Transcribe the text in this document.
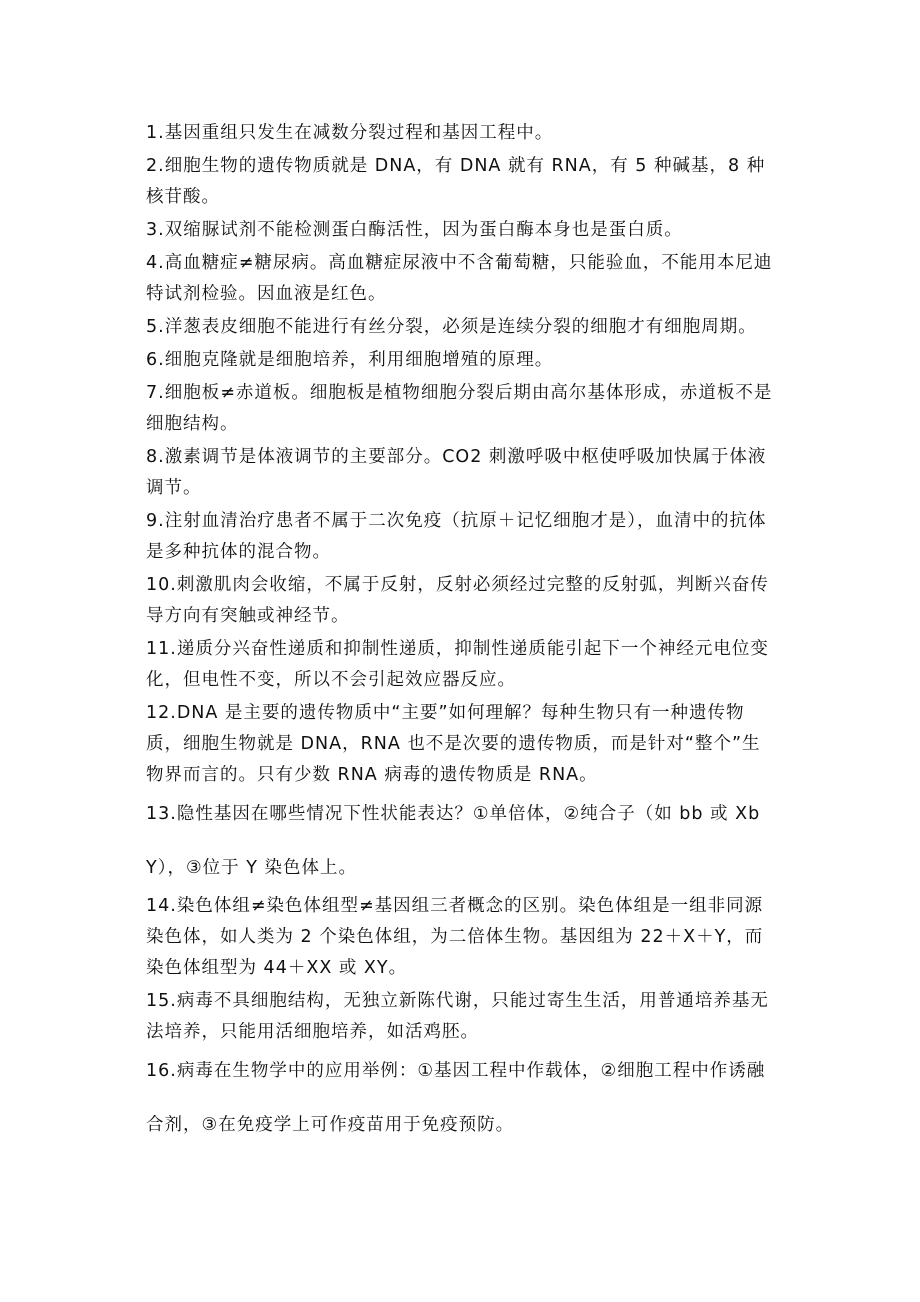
1.基因重组只发生在减数分裂过程和基因工程中。

2.细胞生物的遗传物质就是 DNA，有 DNA 就有 RNA，有 5 种碱基，8 种核苷酸。

3.双缩脲试剂不能检测蛋白酶活性，因为蛋白酶本身也是蛋白质。

4.高血糖症≠糖尿病。高血糖症尿液中不含葡萄糖，只能验血，不能用本尼迪特试剂检验。因血液是红色。

5.洋葱表皮细胞不能进行有丝分裂，必须是连续分裂的细胞才有细胞周期。

6.细胞克隆就是细胞培养，利用细胞增殖的原理。

7.细胞板≠赤道板。细胞板是植物细胞分裂后期由高尔基体形成，赤道板不是细胞结构。

8.激素调节是体液调节的主要部分。CO2 刺激呼吸中枢使呼吸加快属于体液调节。

9.注射血清治疗患者不属于二次免疫（抗原＋记忆细胞才是），血清中的抗体是多种抗体的混合物。

10.刺激肌肉会收缩，不属于反射，反射必须经过完整的反射弧，判断兴奋传导方向有突触或神经节。

11.递质分兴奋性递质和抑制性递质，抑制性递质能引起下一个神经元电位变化，但电性不变，所以不会引起效应器反应。

12.DNA 是主要的遗传物质中“主要”如何理解？每种生物只有一种遗传物质，细胞生物就是 DNA，RNA 也不是次要的遗传物质，而是针对“整个”生物界而言的。只有少数 RNA 病毒的遗传物质是 RNA。

13.隐性基因在哪些情况下性状能表达？①单倍体，②纯合子（如 bb 或 XbY），③位于 Y 染色体上。

14.染色体组≠染色体组型≠基因组三者概念的区别。染色体组是一组非同源染色体，如人类为 2 个染色体组，为二倍体生物。基因组为 22＋X＋Y，而染色体组型为 44＋XX 或 XY。

15.病毒不具细胞结构，无独立新陈代谢，只能过寄生生活，用普通培养基无法培养，只能用活细胞培养，如活鸡胚。

16.病毒在生物学中的应用举例：①基因工程中作载体，②细胞工程中作诱融合剂，③在免疫学上可作疫苗用于免疫预防。
